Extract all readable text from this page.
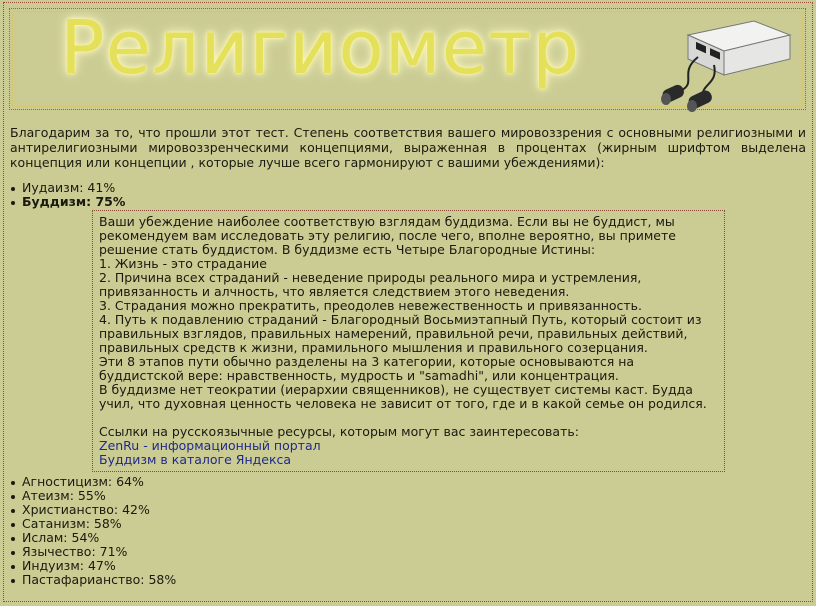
Религиометр
Благодарим за то, что прошли этот тест. Степень соответствия вашего мировоззрения с основными религиозными и антирелигиозными мировоззренческими концепциями, выраженная в процентах (жирным шрифтом выделена концепция или концепции , которые лучше всего гармонируют с вашими убеждениями):
Иудаизм: 41%
Буддизм: 75%

Ваши убеждение наиболее соответствую взглядам буддизма. Если вы не буддист, мы рекомендуем вам исследовать эту религию, после чего, вполне вероятно, вы примете решение стать буддистом. В буддизме есть Четыре Благородные Истины:

1. Жизнь - это страдание

2. Причина всех страданий - неведение природы реального мира и устремления, привязанность и алчность, что является следствием этого неведения.

3. Страдания можно прекратить, преодолев невежественность и привязанность.

4. Путь к подавлению страданий - Благородный Восьмиэтапный Путь, который состоит из правильных взглядов, правильных намерений, правильной речи, правильных действий, правильных средств к жизни, прамильного мышления и правильного созерцания.

Эти 8 этапов пути обычно разделены на 3 категории, которые основываются на буддистской вере: нравственность, мудрость и "samadhi", или концентрация.

В буддизме нет теократии (иерархии священников), не существует системы каст. Будда учил, что духовная ценность человека не зависит от того, где и в какой семье он родился.

Ссылки на русскоязычные ресурсы, которым могут вас заинтересовать:

ZenRu - информационный портал
Буддизм в каталоге Яндекса
Агностицизм: 64%
Атеизм: 55%
Христианство: 42%
Сатанизм: 58%
Ислам: 54%
Язычество: 71%
Индуизм: 47%
Пастафарианство: 58%
